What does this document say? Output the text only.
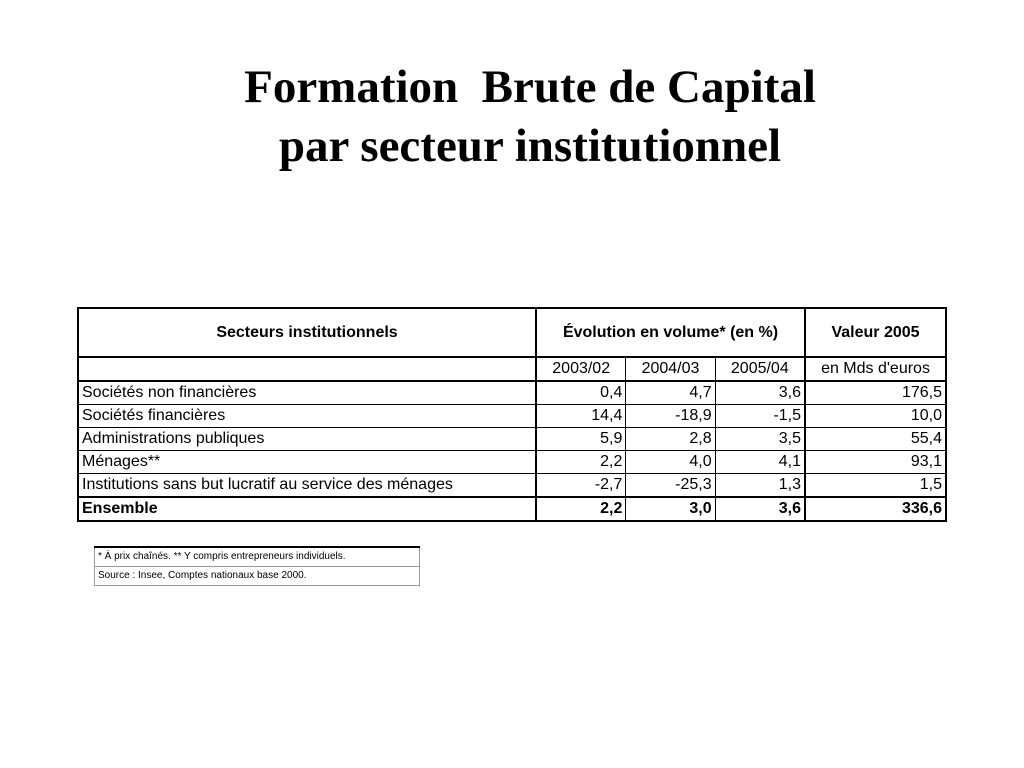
Formation  Brute de Capital
par secteur institutionnel
Secteurs institutionnels	Évolution en volume* (en %)			Valeur 2005
	2003/02	2004/03	2005/04	en Mds d'euros
Sociétés non financières	0,4	4,7	3,6	176,5
Sociétés financières	14,4	-18,9	-1,5	10,0
Administrations publiques	5,9	2,8	3,5	55,4
Ménages**	2,2	4,0	4,1	93,1
Institutions sans but lucratif au service des ménages	-2,7	-25,3	1,3	1,5
Ensemble	2,2	3,0	3,6	336,6
* À prix chaînés. ** Y compris entrepreneurs individuels.
Source : Insee, Comptes nationaux base 2000.
